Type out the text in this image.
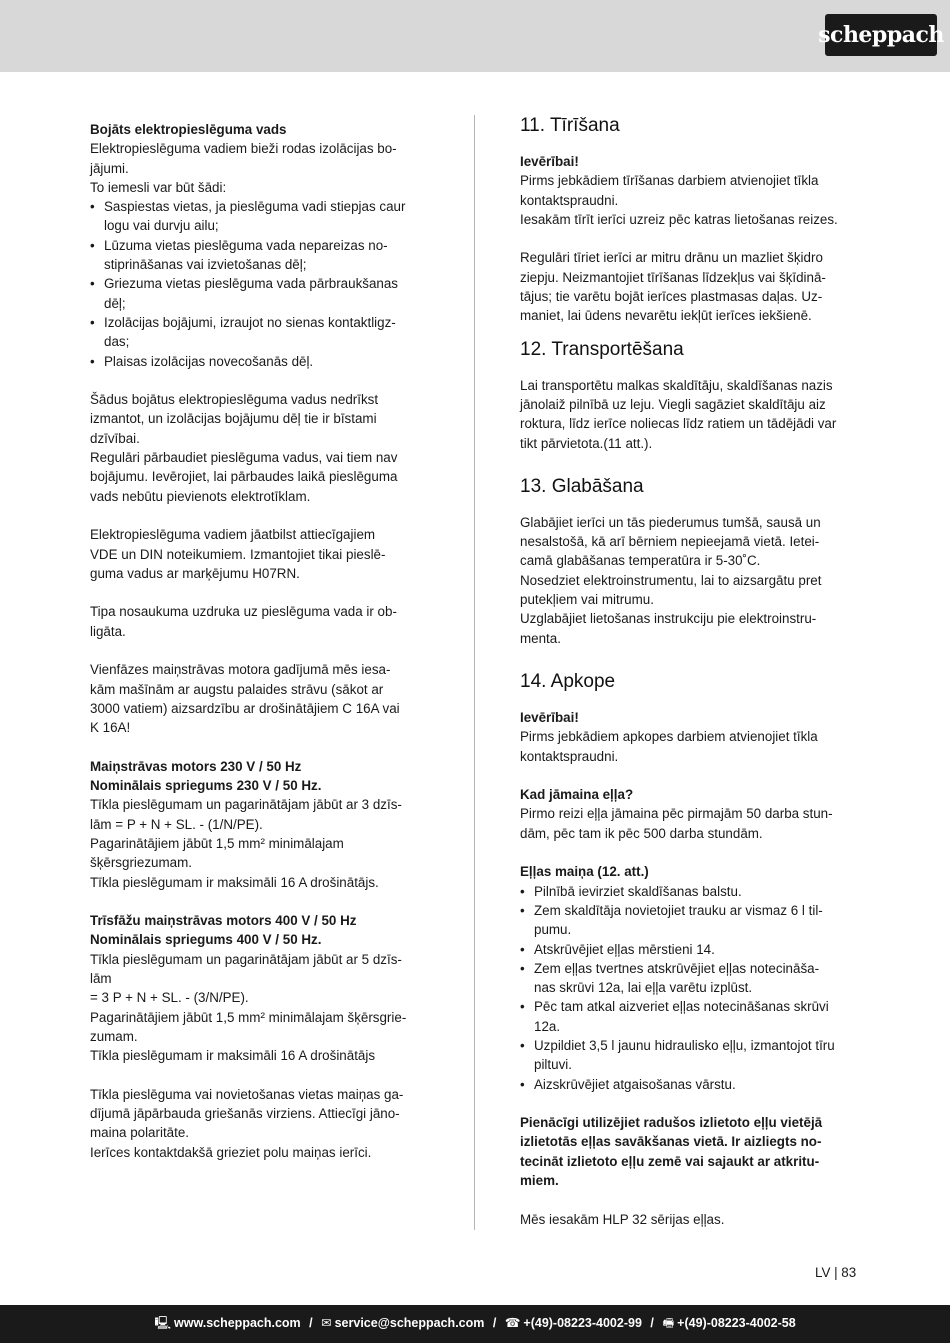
scheppach
Bojāts elektropieslēguma vads
Elektropieslēguma vadiem bieži rodas izolācijas bo-
jājumi.
To iemesli var būt šādi:
• Saspiestas vietas, ja pieslēguma vadi stiepjas caur
logu vai durvju ailu;
• Lūzuma vietas pieslēguma vada nepareizas no-
stiprināšanas vai izvietošanas dēļ;
• Griezuma vietas pieslēguma vada pārbraukšanas
dēļ;
• Izolācijas bojājumi, izraujot no sienas kontaktligz-
das;
• Plaisas izolācijas novecošanās dēļ.
Šādus bojātus elektropieslēguma vadus nedrīkst
izmantot, un izolācijas bojājumu dēļ tie ir bīstami
dzīvībai.
Regulāri pārbaudiet pieslēguma vadus, vai tiem nav
bojājumu. Ievērojiet, lai pārbaudes laikā pieslēguma
vads nebūtu pievienots elektrotīklam.
Elektropieslēguma vadiem jāatbilst attiecīgajiem
VDE un DIN noteikumiem. Izmantojiet tikai pieslē-
guma vadus ar marķējumu H07RN.
Tipa nosaukuma uzdruka uz pieslēguma vada ir ob-
ligāta.
Vienfāzes maiņstrāvas motora gadījumā mēs iesa-
kām mašīnām ar augstu palaides strāvu (sākot ar
3000 vatiem) aizsardzību ar drošinātājiem C 16A vai
K 16A!
Maiņstrāvas motors 230 V / 50 Hz
Nominālais spriegums 230 V / 50 Hz.
Tīkla pieslēgumam un pagarinātājam jābūt ar 3 dzīs-
lām = P + N + SL. - (1/N/PE).
Pagarinātājiem jābūt 1,5 mm² minimālajam
šķērsgriezumam.
Tīkla pieslēgumam ir maksimāli 16 A drošinātājs.
Trīsfāžu maiņstrāvas motors 400 V / 50 Hz
Nominālais spriegums 400 V / 50 Hz.
Tīkla pieslēgumam un pagarinātājam jābūt ar 5 dzīs-
lām
= 3 P + N + SL. - (3/N/PE).
Pagarinātājiem jābūt 1,5 mm² minimālajam šķērsgrie-
zumam.
Tīkla pieslēgumam ir maksimāli 16 A drošinātājs
Tīkla pieslēguma vai novietošanas vietas maiņas ga-
dījumā jāpārbauda griešanās virziens. Attiecīgi jāno-
maina polaritāte.
Ierīces kontaktdakšā grieziet polu maiņas ierīci.
11. Tīrīšana
Ievērībai!
Pirms jebkādiem tīrīšanas darbiem atvienojiet tīkla
kontaktspraudni.
Iesakām tīrīt ierīci uzreiz pēc katras lietošanas reizes.
Regulāri tīriet ierīci ar mitru drānu un mazliet šķidro
ziepju. Neizmantojiet tīrīšanas līdzekļus vai šķīdinā-
tājus; tie varētu bojāt ierīces plastmasas daļas. Uz-
maniet, lai ūdens nevarētu iekļūt ierīces iekšienē.
12. Transportēšana
Lai transportētu malkas skaldītāju, skaldīšanas nazis
jānolaiž pilnībā uz leju. Viegli sagāziet skaldītāju aiz
roktura, līdz ierīce noliecas līdz ratiem un tādējādi var
tikt pārvietota.(11 att.).
13. Glabāšana
Glabājiet ierīci un tās piederumus tumšā, sausā un
nesalstošā, kā arī bērniem nepieejamā vietā. Ietei-
camā glabāšanas temperatūra ir 5-30˚C.
Nosedziet elektroinstrumentu, lai to aizsargātu pret
putekļiem vai mitrumu.
Uzglabājiet lietošanas instrukciju pie elektroinstru-
menta.
14. Apkope
Ievērībai!
Pirms jebkādiem apkopes darbiem atvienojiet tīkla
kontaktspraudni.
Kad jāmaina eļļa?
Pirmo reizi eļļa jāmaina pēc pirmajām 50 darba stun-
dām, pēc tam ik pēc 500 darba stundām.
Eļļas maiņa (12. att.)
• Pilnībā ievirziet skaldīšanas balstu.
• Zem skaldītāja novietojiet trauku ar vismaz 6 l til-
pumu.
• Atskrūvējiet eļļas mērstieni 14.
• Zem eļļas tvertnes atskrūvējiet eļļas notecināša-
nas skrūvi 12a, lai eļļa varētu izplūst.
• Pēc tam atkal aizveriet eļļas notecināšanas skrūvi
12a.
• Uzpildiet 3,5 l jaunu hidraulisko eļļu, izmantojot tīru
piltuvi.
• Aizskrūvējiet atgaisošanas vārstu.
Pienācīgi utilizējiet radušos izlietoto eļļu vietējā
izlietotās eļļas savākšanas vietā. Ir aizliegts no-
tecināt izlietoto eļļu zemē vai sajaukt ar atkritu-
miem.
Mēs iesakām HLP 32 sērijas eļļas.
LV | 83
🖳 www.scheppach.com / ✉ service@scheppach.com / ☎ +(49)-08223-4002-99 / 🖷 +(49)-08223-4002-58
